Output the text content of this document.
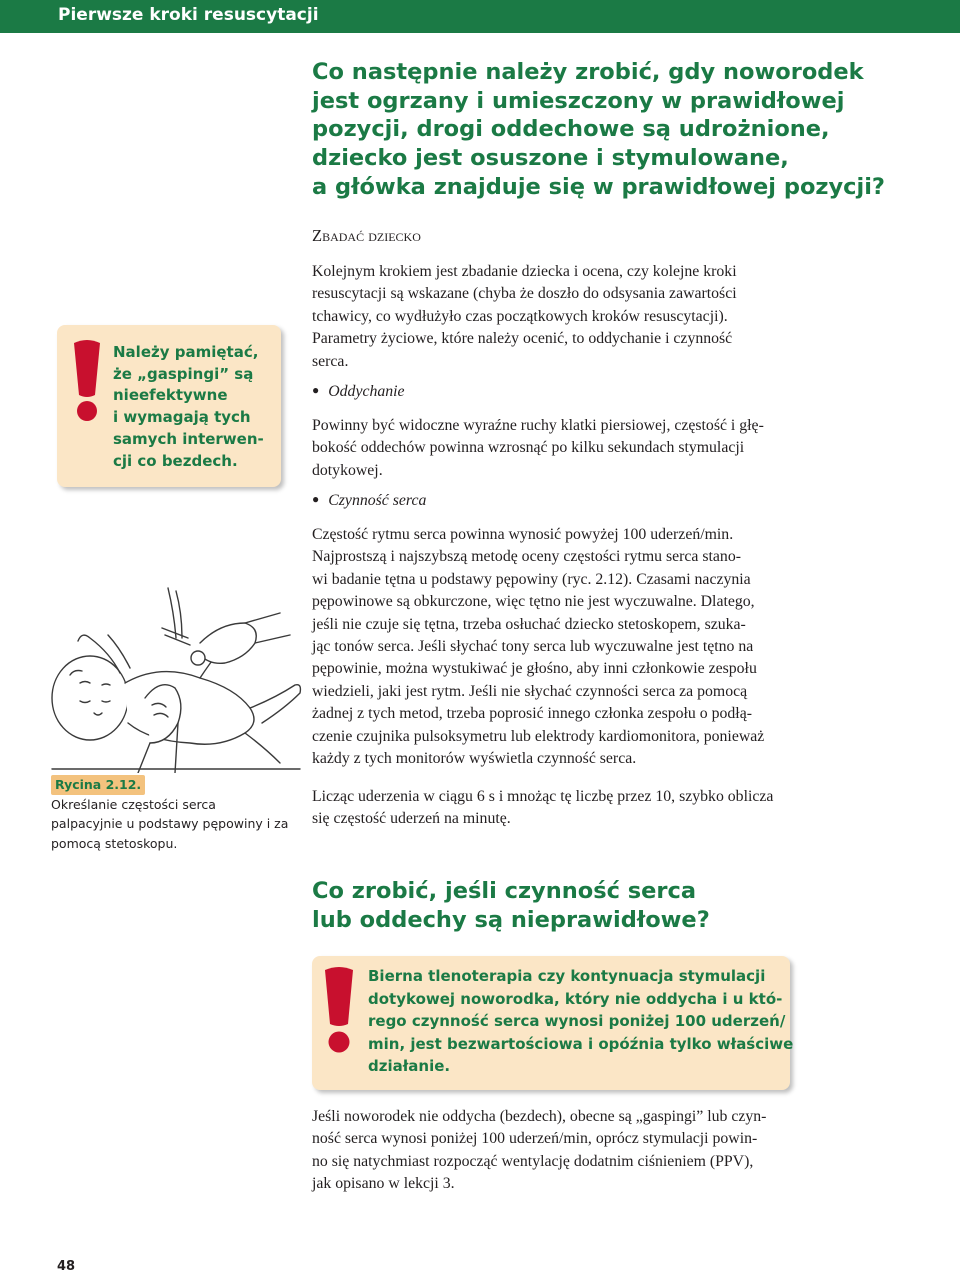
Pierwsze kroki resuscytacji
Co następnie należy zrobić, gdy noworodek
jest ogrzany i umieszczony w prawidłowej
pozycji, drogi oddechowe są udrożnione,
dziecko jest osuszone i stymulowane,
a główka znajduje się w prawidłowej pozycji?
Zbadać dziecko

Kolejnym krokiem jest zbadanie dziecka i ocena, czy kolejne kroki
resuscytacji są wskazane (chyba że doszło do odsysania zawartości
tchawicy, co wydłużyło czas początkowych kroków resuscytacji).
Parametry życiowe, które należy ocenić, to oddychanie i czynność
serca.

● Oddychanie

Powinny być widoczne wyraźne ruchy klatki piersiowej, częstość i głę-
bokość oddechów powinna wzrosnąć po kilku sekundach stymulacji
dotykowej.

● Czynność serca

Częstość rytmu serca powinna wynosić powyżej 100 uderzeń/min.
Najprostszą i najszybszą metodę oceny częstości rytmu serca stano-
wi badanie tętna u podstawy pępowiny (ryc. 2.12). Czasami naczynia
pępowinowe są obkurczone, więc tętno nie jest wyczuwalne. Dlatego,
jeśli nie czuje się tętna, trzeba osłuchać dziecko stetoskopem, szuka-
jąc tonów serca. Jeśli słychać tony serca lub wyczuwalne jest tętno na
pępowinie, można wystukiwać je głośno, aby inni członkowie zespołu
wiedzieli, jaki jest rytm. Jeśli nie słychać czynności serca za pomocą
żadnej z tych metod, trzeba poprosić innego członka zespołu o podłą-
czenie czujnika pulsoksymetru lub elektrody kardiomonitora, ponieważ
każdy z tych monitorów wyświetla czynność serca.

Licząc uderzenia w ciągu 6 s i mnożąc tę liczbę przez 10, szybko oblicza
się częstość uderzeń na minutę.

Należy pamiętać,
że „gaspingi” są
nieefektywne
i wymagają tych
samych interwen-
cji co bezdech.

Rycina 2.12.
Określanie częstości serca
palpacyjnie u podstawy pępowiny i za
pomocą stetoskopu.

Co zrobić, jeśli czynność serca
lub oddechy są nieprawidłowe?

Bierna tlenoterapia czy kontynuacja stymulacji
dotykowej noworodka, który nie oddycha i u któ-
rego czynność serca wynosi poniżej 100 uderzeń/
min, jest bezwartościowa i opóźnia tylko właściwe
działanie.

Jeśli noworodek nie oddycha (bezdech), obecne są „gaspingi” lub czyn-
ność serca wynosi poniżej 100 uderzeń/min, oprócz stymulacji powin-
no się natychmiast rozpocząć wentylację dodatnim ciśnieniem (PPV),
jak opisano w lekcji 3.

48
